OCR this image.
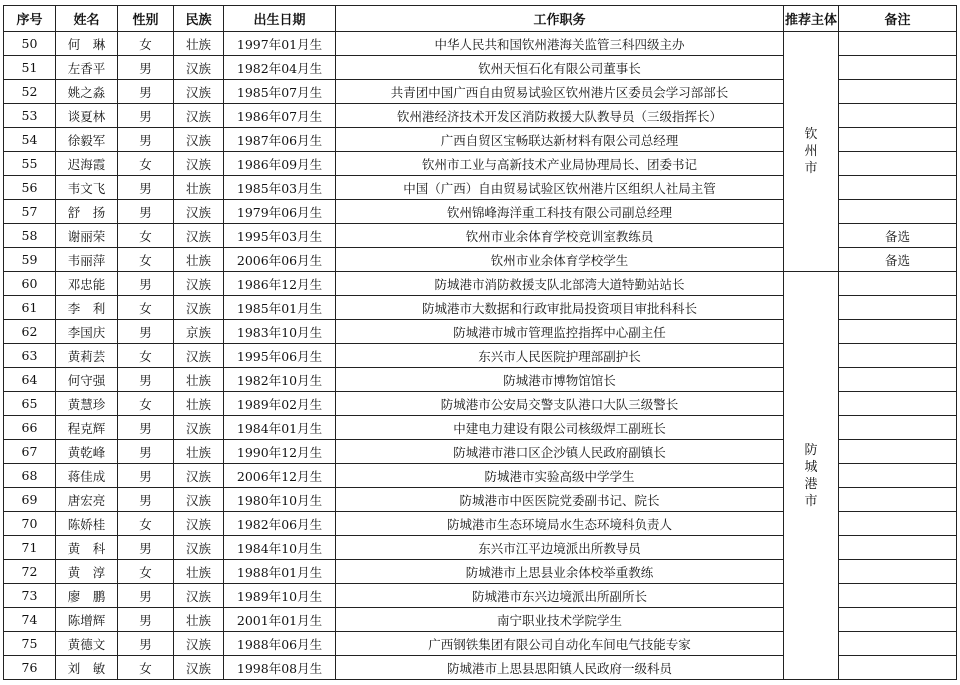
序号	姓名	性别	民族	出生日期	工作职务	推荐主体	备注
50	何　琳	女	壮族	1997年01月生	中华人民共和国钦州港海关监管三科四级主办	钦州市	
51	左香平	男	汉族	1982年04月生	钦州天恒石化有限公司董事长		
52	姚之淼	男	汉族	1985年07月生	共青团中国广西自由贸易试验区钦州港片区委员会学习部部长		
53	谈夏林	男	汉族	1986年07月生	钦州港经济技术开发区消防救援大队教导员（三级指挥长）		
54	徐毅军	男	汉族	1987年06月生	广西自贸区宝畅联达新材料有限公司总经理		
55	迟海霞	女	汉族	1986年09月生	钦州市工业与高新技术产业局协理局长、团委书记		
56	韦文飞	男	壮族	1985年03月生	中国（广西）自由贸易试验区钦州港片区组织人社局主管		
57	舒　扬	男	汉族	1979年06月生	钦州锦峰海洋重工科技有限公司副总经理		
58	谢丽荣	女	汉族	1995年03月生	钦州市业余体育学校竞训室教练员		备选
59	韦丽萍	女	壮族	2006年06月生	钦州市业余体育学校学生		备选
60	邓忠能	男	汉族	1986年12月生	防城港市消防救援支队北部湾大道特勤站站长	防城港市	
61	李　利	女	汉族	1985年01月生	防城港市大数据和行政审批局投资项目审批科科长		
62	李国庆	男	京族	1983年10月生	防城港市城市管理监控指挥中心副主任		
63	黄莉芸	女	汉族	1995年06月生	东兴市人民医院护理部副护长		
64	何守强	男	壮族	1982年10月生	防城港市博物馆馆长		
65	黄慧珍	女	壮族	1989年02月生	防城港市公安局交警支队港口大队三级警长		
66	程克辉	男	汉族	1984年01月生	中建电力建设有限公司核级焊工副班长		
67	黄乾峰	男	壮族	1990年12月生	防城港市港口区企沙镇人民政府副镇长		
68	蒋佳成	男	汉族	2006年12月生	防城港市实验高级中学学生		
69	唐宏亮	男	汉族	1980年10月生	防城港市中医医院党委副书记、院长		
70	陈娇桂	女	汉族	1982年06月生	防城港市生态环境局水生态环境科负责人		
71	黄　科	男	汉族	1984年10月生	东兴市江平边境派出所教导员		
72	黄　淳	女	壮族	1988年01月生	防城港市上思县业余体校举重教练		
73	廖　鹏	男	汉族	1989年10月生	防城港市东兴边境派出所副所长		
74	陈增辉	男	壮族	2001年01月生	南宁职业技术学院学生		
75	黄德文	男	汉族	1988年06月生	广西钢铁集团有限公司自动化车间电气技能专家		
76	刘　敏	女	汉族	1998年08月生	防城港市上思县思阳镇人民政府一级科员		
